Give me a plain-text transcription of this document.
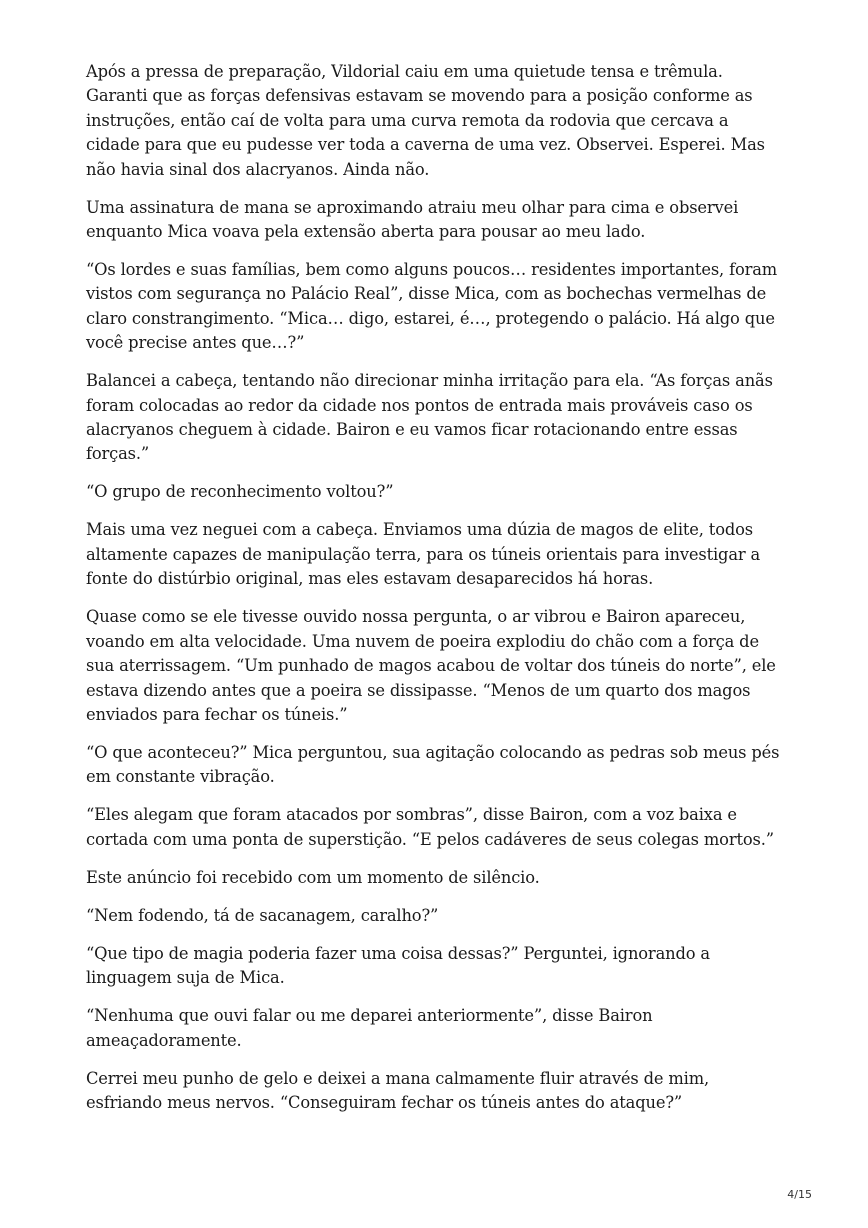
Após a pressa de preparação, Vildorial caiu em uma quietude tensa e trêmula. Garanti que as forças defensivas estavam se movendo para a posição conforme as instruções, então caí de volta para uma curva remota da rodovia que cercava a cidade para que eu pudesse ver toda a caverna de uma vez. Observei. Esperei. Mas não havia sinal dos alacryanos. Ainda não.

Uma assinatura de mana se aproximando atraiu meu olhar para cima e observei enquanto Mica voava pela extensão aberta para pousar ao meu lado.

“Os lordes e suas famílias, bem como alguns poucos… residentes importantes, foram vistos com segurança no Palácio Real”, disse Mica, com as bochechas vermelhas de claro constrangimento. “Mica… digo, estarei, é…, protegendo o palácio. Há algo que você precise antes que…?”

Balancei a cabeça, tentando não direcionar minha irritação para ela. “As forças anãs foram colocadas ao redor da cidade nos pontos de entrada mais prováveis caso os alacryanos cheguem à cidade. Bairon e eu vamos ficar rotacionando entre essas forças.”

“O grupo de reconhecimento voltou?”

Mais uma vez neguei com a cabeça. Enviamos uma dúzia de magos de elite, todos altamente capazes de manipulação terra, para os túneis orientais para investigar a fonte do distúrbio original, mas eles estavam desaparecidos há horas.

Quase como se ele tivesse ouvido nossa pergunta, o ar vibrou e Bairon apareceu, voando em alta velocidade. Uma nuvem de poeira explodiu do chão com a força de sua aterrissagem. “Um punhado de magos acabou de voltar dos túneis do norte”, ele estava dizendo antes que a poeira se dissipasse. “Menos de um quarto dos magos enviados para fechar os túneis.”

“O que aconteceu?” Mica perguntou, sua agitação colocando as pedras sob meus pés em constante vibração.

“Eles alegam que foram atacados por sombras”, disse Bairon, com a voz baixa e cortada com uma ponta de superstição. “E pelos cadáveres de seus colegas mortos.”

Este anúncio foi recebido com um momento de silêncio.

“Nem fodendo, tá de sacanagem, caralho?”

“Que tipo de magia poderia fazer uma coisa dessas?” Perguntei, ignorando a linguagem suja de Mica.

“Nenhuma que ouvi falar ou me deparei anteriormente”, disse Bairon ameaçadoramente.

Cerrei meu punho de gelo e deixei a mana calmamente fluir através de mim, esfriando meus nervos. “Conseguiram fechar os túneis antes do ataque?”

4/15
